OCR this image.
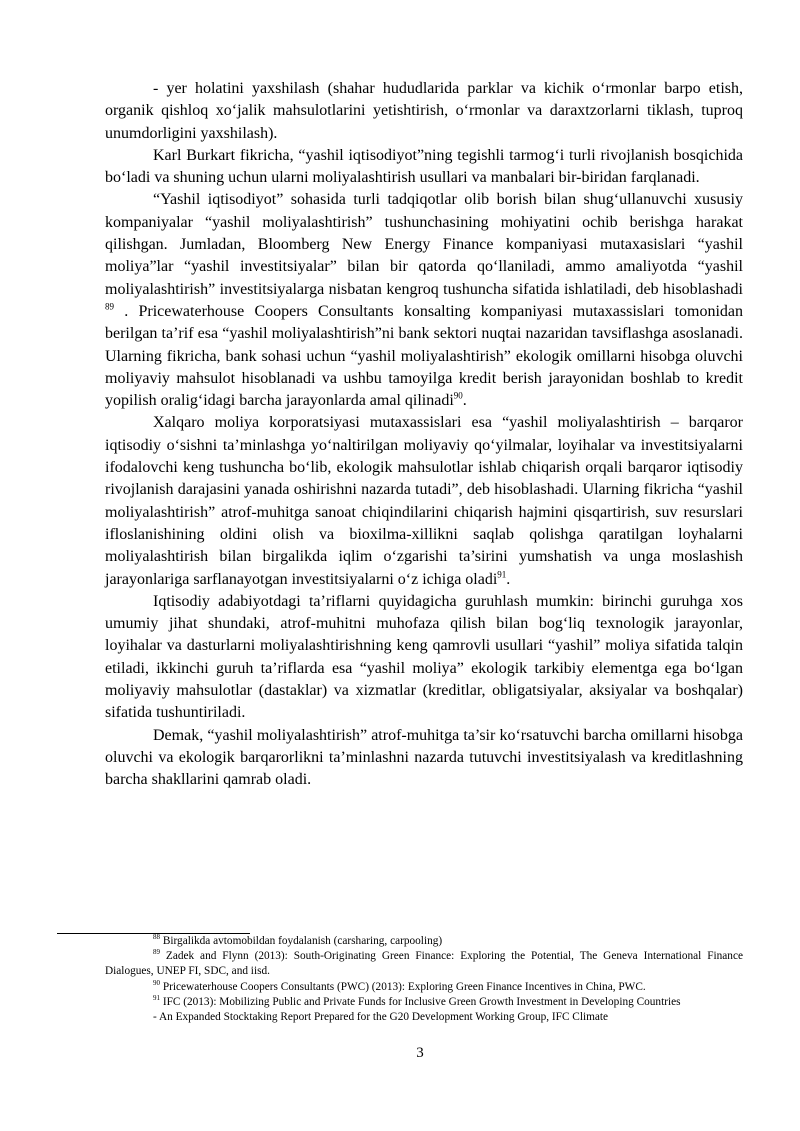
- yer holatini yaxshilash (shahar hududlarida parklar va kichik o‘rmonlar barpo etish, organik qishloq xo‘jalik mahsulotlarini yetishtirish, o‘rmonlar va daraxtzorlarni tiklash, tuproq unumdorligini yaxshilash).

Karl Burkart fikricha, “yashil iqtisodiyot”ning tegishli tarmog‘i turli rivojlanish bosqichida bo‘ladi va shuning uchun ularni moliyalashtirish usullari va manbalari bir-biridan farqlanadi.

“Yashil iqtisodiyot” sohasida turli tadqiqotlar olib borish bilan shug‘ullanuvchi xususiy kompaniyalar “yashil moliyalashtirish” tushunchasining mohiyatini ochib berishga harakat qilishgan. Jumladan, Bloomberg New Energy Finance kompaniyasi mutaxasislari “yashil moliya”lar “yashil investitsiyalar” bilan bir qatorda qo‘llaniladi, ammo amaliyotda “yashil moliyalashtirish” investitsiyalarga nisbatan kengroq tushuncha sifatida ishlatiladi, deb hisoblashadi $^{89}$ . Pricewaterhouse Coopers Consultants konsalting kompaniyasi mutaxassislari tomonidan berilgan ta’rif esa “yashil moliyalashtirish”ni bank sektori nuqtai nazaridan tavsiflashga asoslanadi. Ularning fikricha, bank sohasi uchun “yashil moliyalashtirish” ekologik omillarni hisobga oluvchi moliyaviy mahsulot hisoblanadi va ushbu tamoyilga kredit berish jarayonidan boshlab to kredit yopilish oralig‘idagi barcha jarayonlarda amal qilinadi$^{90}$.

Xalqaro moliya korporatsiyasi mutaxassislari esa “yashil moliyalashtirish – barqaror iqtisodiy o‘sishni ta’minlashga yo‘naltirilgan moliyaviy qo‘yilmalar, loyihalar va investitsiyalarni ifodalovchi keng tushuncha bo‘lib, ekologik mahsulotlar ishlab chiqarish orqali barqaror iqtisodiy rivojlanish darajasini yanada oshirishni nazarda tutadi”, deb hisoblashadi. Ularning fikricha “yashil moliyalashtirish” atrof-muhitga sanoat chiqindilarini chiqarish hajmini qisqartirish, suv resurslari ifloslanishining oldini olish va bioxilma-xillikni saqlab qolishga qaratilgan loyhalarni moliyalashtirish bilan birgalikda iqlim o‘zgarishi ta’sirini yumshatish va unga moslashish jarayonlariga sarflanayotgan investitsiyalarni o‘z ichiga oladi$^{91}$.

Iqtisodiy adabiyotdagi ta’riflarni quyidagicha guruhlash mumkin: birinchi guruhga xos umumiy jihat shundaki, atrof-muhitni muhofaza qilish bilan bog‘liq texnologik jarayonlar, loyihalar va dasturlarni moliyalashtirishning keng qamrovli usullari “yashil” moliya sifatida talqin etiladi, ikkinchi guruh ta’riflarda esa “yashil moliya” ekologik tarkibiy elementga ega bo‘lgan moliyaviy mahsulotlar (dastaklar) va xizmatlar (kreditlar, obligatsiyalar, aksiyalar va boshqalar) sifatida tushuntiriladi.

Demak, “yashil moliyalashtirish” atrof-muhitga ta’sir ko‘rsatuvchi barcha omillarni hisobga oluvchi va ekologik barqarorlikni ta’minlashni nazarda tutuvchi investitsiyalash va kreditlashning barcha shakllarini qamrab oladi.

$^{88}$ Birgalikda avtomobildan foydalanish (carsharing, carpooling)

$^{89}$ Zadek and Flynn (2013): South-Originating Green Finance: Exploring the Potential, The Geneva International Finance Dialogues, UNEP FI, SDC, and iisd.

$^{90}$ Pricewaterhouse Coopers Consultants (PWC) (2013): Exploring Green Finance Incentives in China, PWC.

$^{91}$ IFC (2013): Mobilizing Public and Private Funds for Inclusive Green Growth Investment in Developing Countries

- An Expanded Stocktaking Report Prepared for the G20 Development Working Group, IFC Climate

3
